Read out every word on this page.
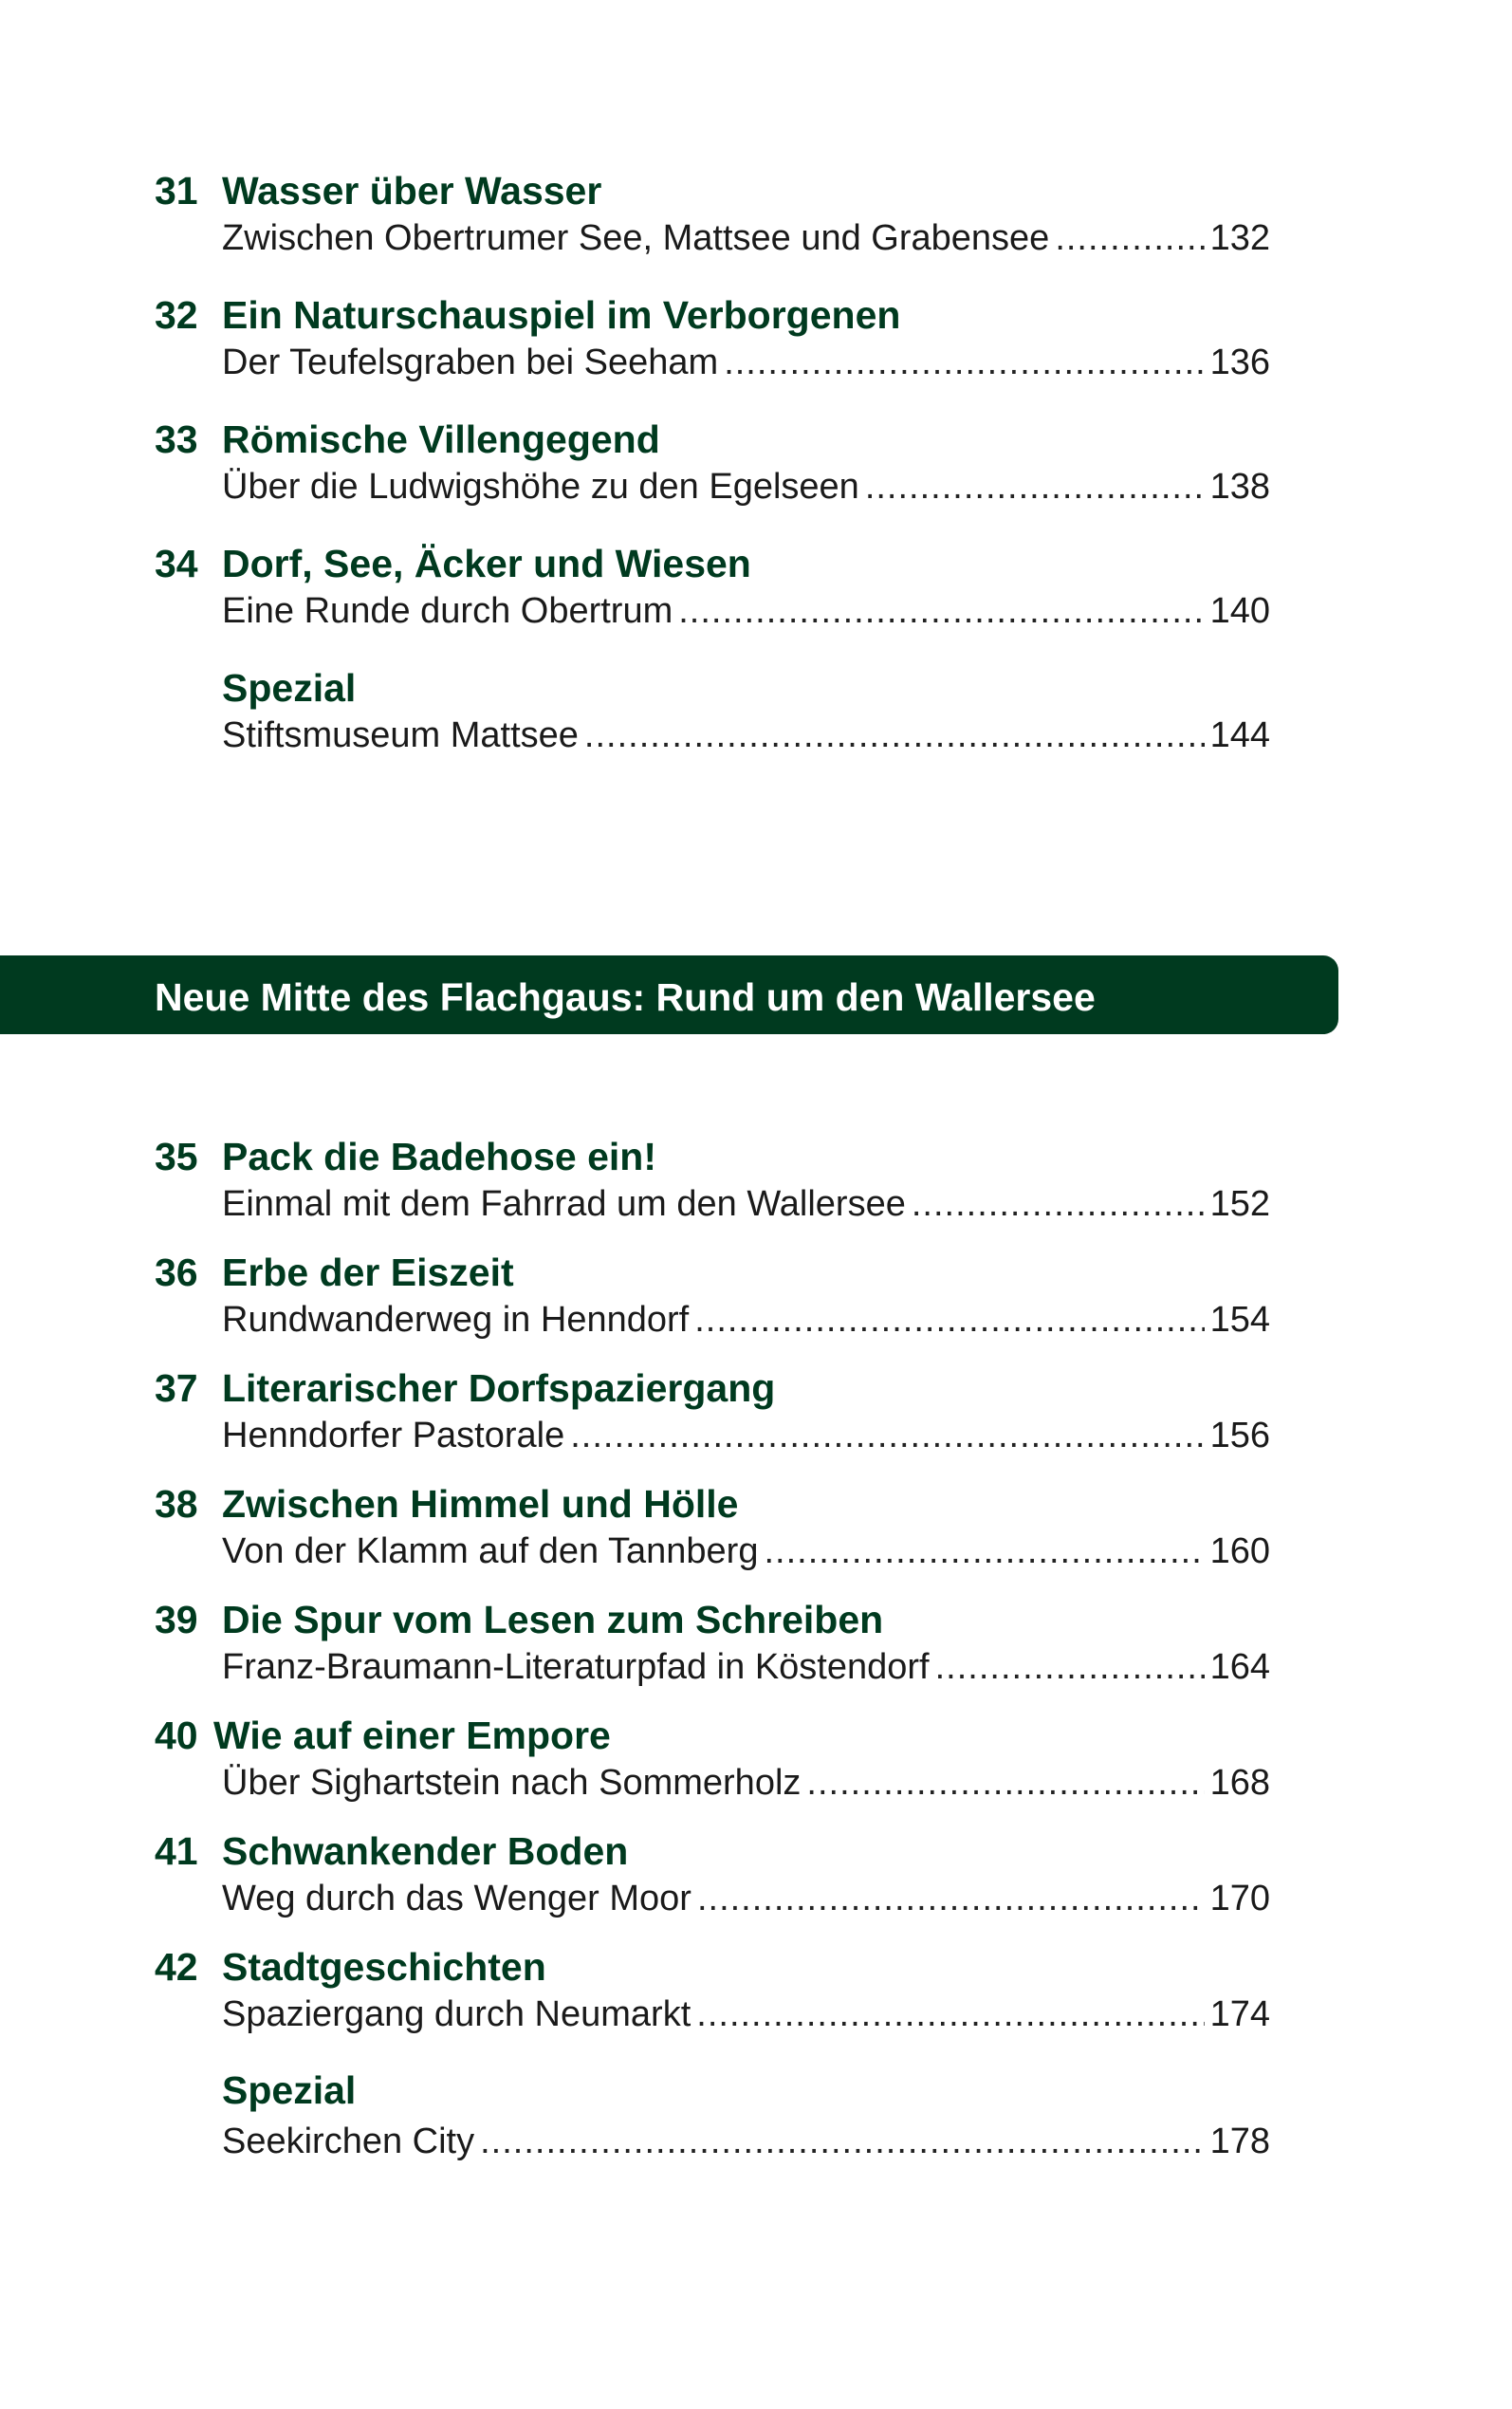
31 Wasser über Wasser
Zwischen Obertrumer See, Mattsee und Grabensee .....	132
32 Ein Naturschauspiel im Verborgenen
Der Teufelsgraben bei Seeham .....	136
33 Römische Villengegend
Über die Ludwigshöhe zu den Egelseen .....	138
34 Dorf, See, Äcker und Wiesen
Eine Runde durch Obertrum .....	140
Spezial
Stiftsmuseum Mattsee .....	144
Neue Mitte des Flachgaus: Rund um den Wallersee
35 Pack die Badehose ein!
Einmal mit dem Fahrrad um den Wallersee .....	152
36 Erbe der Eiszeit
Rundwanderweg in Henndorf .....	154
37 Literarischer Dorfspaziergang
Henndorfer Pastorale .....	156
38 Zwischen Himmel und Hölle
Von der Klamm auf den Tannberg .....	160
39 Die Spur vom Lesen zum Schreiben
Franz-Braumann-Literaturpfad in Köstendorf .....	164
40 Wie auf einer Empore
Über Sighartstein nach Sommerholz .....	168
41 Schwankender Boden
Weg durch das Wenger Moor .....	170
42 Stadtgeschichten
Spaziergang durch Neumarkt .....	174
Spezial
Seekirchen City .....	178
